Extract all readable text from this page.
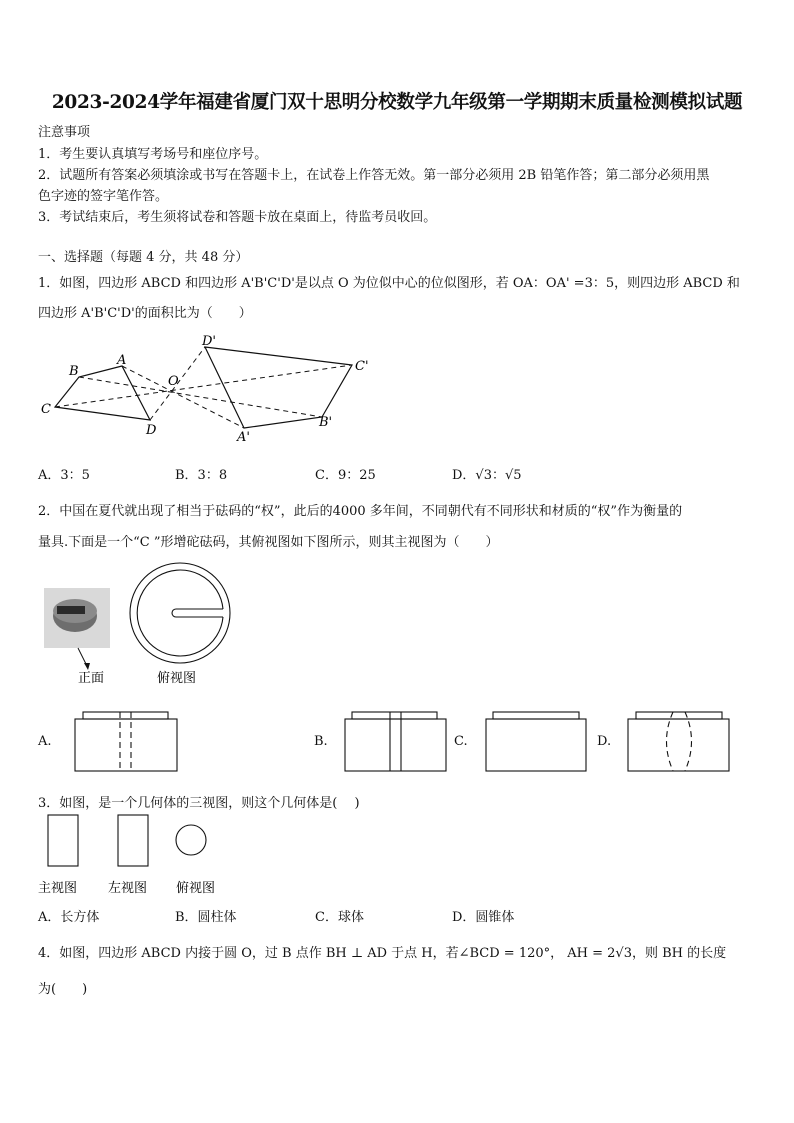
2023-2024学年福建省厦门双十思明分校数学九年级第一学期期末质量检测模拟试题
注意事项
1．考生要认真填写考场号和座位序号。
2．试题所有答案必须填涂或书写在答题卡上，在试卷上作答无效。第一部分必须用 2B 铅笔作答；第二部分必须用黑
色字迹的签字笔作答。
3．考试结束后，考生须将试卷和答题卡放在桌面上，待监考员收回。
一、选择题（每题 4 分，共 48 分）
1．如图，四边形 ABCD 和四边形 A'B'C'D'是以点 O 为位似中心的位似图形，若 OA：OA' =3：5，则四边形 ABCD 和
四边形 A'B'C'D'的面积比为（　　）
A
B
C
D
O
A'
B'
C'
D'
A．3：5	B．3：8	C．9：25	D．√3：√5
2．中国在夏代就出现了相当于砝码的“权”，此后的4000 多年间，不同朝代有不同形状和材质的“权”作为衡量的
量具.下面是一个“C ”形增砣砝码，其俯视图如下图所示，则其主视图为（　　）
正面	俯视图
A.	B.	C.	D.
3．如图，是一个几何体的三视图，则这个几何体是(　 )
主视图 左视图 俯视图
A．长方体	B．圆柱体	C．球体	D．圆锥体
4．如图，四边形 ABCD 内接于圆 O，过 B 点作 BH ⊥ AD 于点 H，若∠BCD = 120°， AH = 2√3，则 BH 的长度
为(　　)
